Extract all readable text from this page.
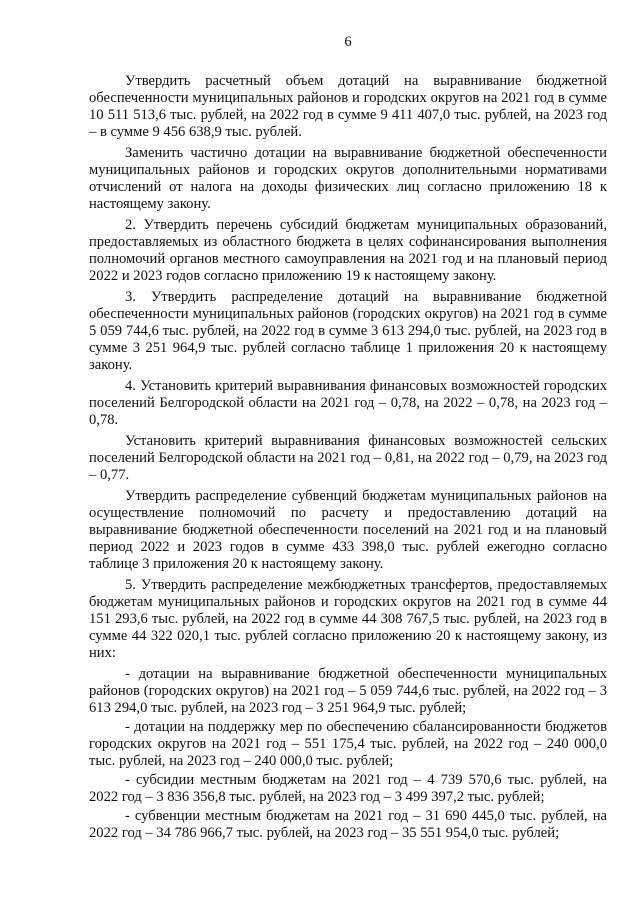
6

Утвердить расчетный объем дотаций на выравнивание бюджетной обеспеченности муниципальных районов и городских округов на 2021 год в сумме 10 511 513,6 тыс. рублей, на 2022 год в сумме 9 411 407,0 тыс. рублей, на 2023 год – в сумме 9 456 638,9 тыс. рублей.

Заменить частично дотации на выравнивание бюджетной обеспеченности муниципальных районов и городских округов дополнительными нормативами отчислений от налога на доходы физических лиц согласно приложению 18 к настоящему закону.

2. Утвердить перечень субсидий бюджетам муниципальных образований, предоставляемых из областного бюджета в целях софинансирования выполнения полномочий органов местного самоуправления на 2021 год и на плановый период 2022 и 2023 годов согласно приложению 19 к настоящему закону.

3. Утвердить распределение дотаций на выравнивание бюджетной обеспеченности муниципальных районов (городских округов) на 2021 год в сумме 5 059 744,6 тыс. рублей, на 2022 год в сумме 3 613 294,0 тыс. рублей, на 2023 год в сумме 3 251 964,9 тыс. рублей согласно таблице 1 приложения 20 к настоящему закону.

4. Установить критерий выравнивания финансовых возможностей городских поселений Белгородской области на 2021 год – 0,78, на 2022 – 0,78, на 2023 год – 0,78.

Установить критерий выравнивания финансовых возможностей сельских поселений Белгородской области на 2021 год – 0,81, на 2022 год – 0,79, на 2023 год – 0,77.

Утвердить распределение субвенций бюджетам муниципальных районов на осуществление полномочий по расчету и предоставлению дотаций на выравнивание бюджетной обеспеченности поселений на 2021 год и на плановый период 2022 и 2023 годов в сумме 433 398,0 тыс. рублей ежегодно согласно таблице 3 приложения 20 к настоящему закону.

5. Утвердить распределение межбюджетных трансфертов, предоставляемых бюджетам муниципальных районов и городских округов на 2021 год в сумме 44 151 293,6 тыс. рублей, на 2022 год в сумме 44 308 767,5 тыс. рублей, на 2023 год в сумме 44 322 020,1 тыс. рублей согласно приложению 20 к настоящему закону, из них:

- дотации на выравнивание бюджетной обеспеченности муниципальных районов (городских округов) на 2021 год – 5 059 744,6 тыс. рублей, на 2022 год – 3 613 294,0 тыс. рублей, на 2023 год – 3 251 964,9 тыс. рублей;

- дотации на поддержку мер по обеспечению сбалансированности бюджетов городских округов на 2021 год – 551 175,4 тыс. рублей, на 2022 год – 240 000,0 тыс. рублей, на 2023 год – 240 000,0 тыс. рублей;

- субсидии местным бюджетам на 2021 год – 4 739 570,6 тыс. рублей, на 2022 год – 3 836 356,8 тыс. рублей, на 2023 год – 3 499 397,2 тыс. рублей;

- субвенции местным бюджетам на 2021 год – 31 690 445,0 тыс. рублей, на 2022 год – 34 786 966,7 тыс. рублей, на 2023 год – 35 551 954,0 тыс. рублей;
